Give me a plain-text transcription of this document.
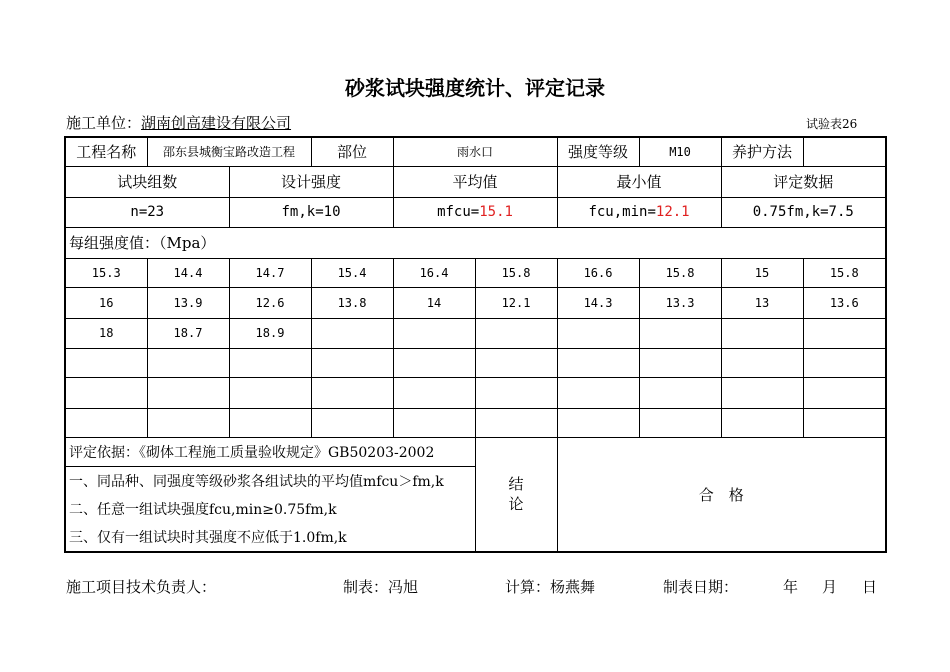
砂浆试块强度统计、评定记录
施工单位：湖南创高建设有限公司	试验表26
工程名称	邵东县城衡宝路改造工程		部位	雨水口		强度等级	M10	养护方法	
试块组数		设计强度		平均值		最小值		评定数据	
n=23		fm,k=10		mfcu=15.1		fcu,min=12.1		0.75fm,k=7.5	
每组强度值：（Mpa）									
15.3	14.4	14.7	15.4	16.4	15.8	16.6	15.8	15	15.8
16	13.9	12.6	13.8	14	12.1	14.3	13.3	13	13.6
18	18.7	18.9							

评定依据：《砌体工程施工质量验收规定》GB50203-2002					结
论	合　格			
一、同品种、同强度等级砂浆各组试块的平均值mfcu＞fm,k									
二、任意一组试块强度fcu,min≥0.75fm,k									
三、仅有一组试块时其强度不应低于1.0fm,k									
施工项目技术负责人：	制表：冯旭	计算：杨燕舞	制表日期：	年 月 日
